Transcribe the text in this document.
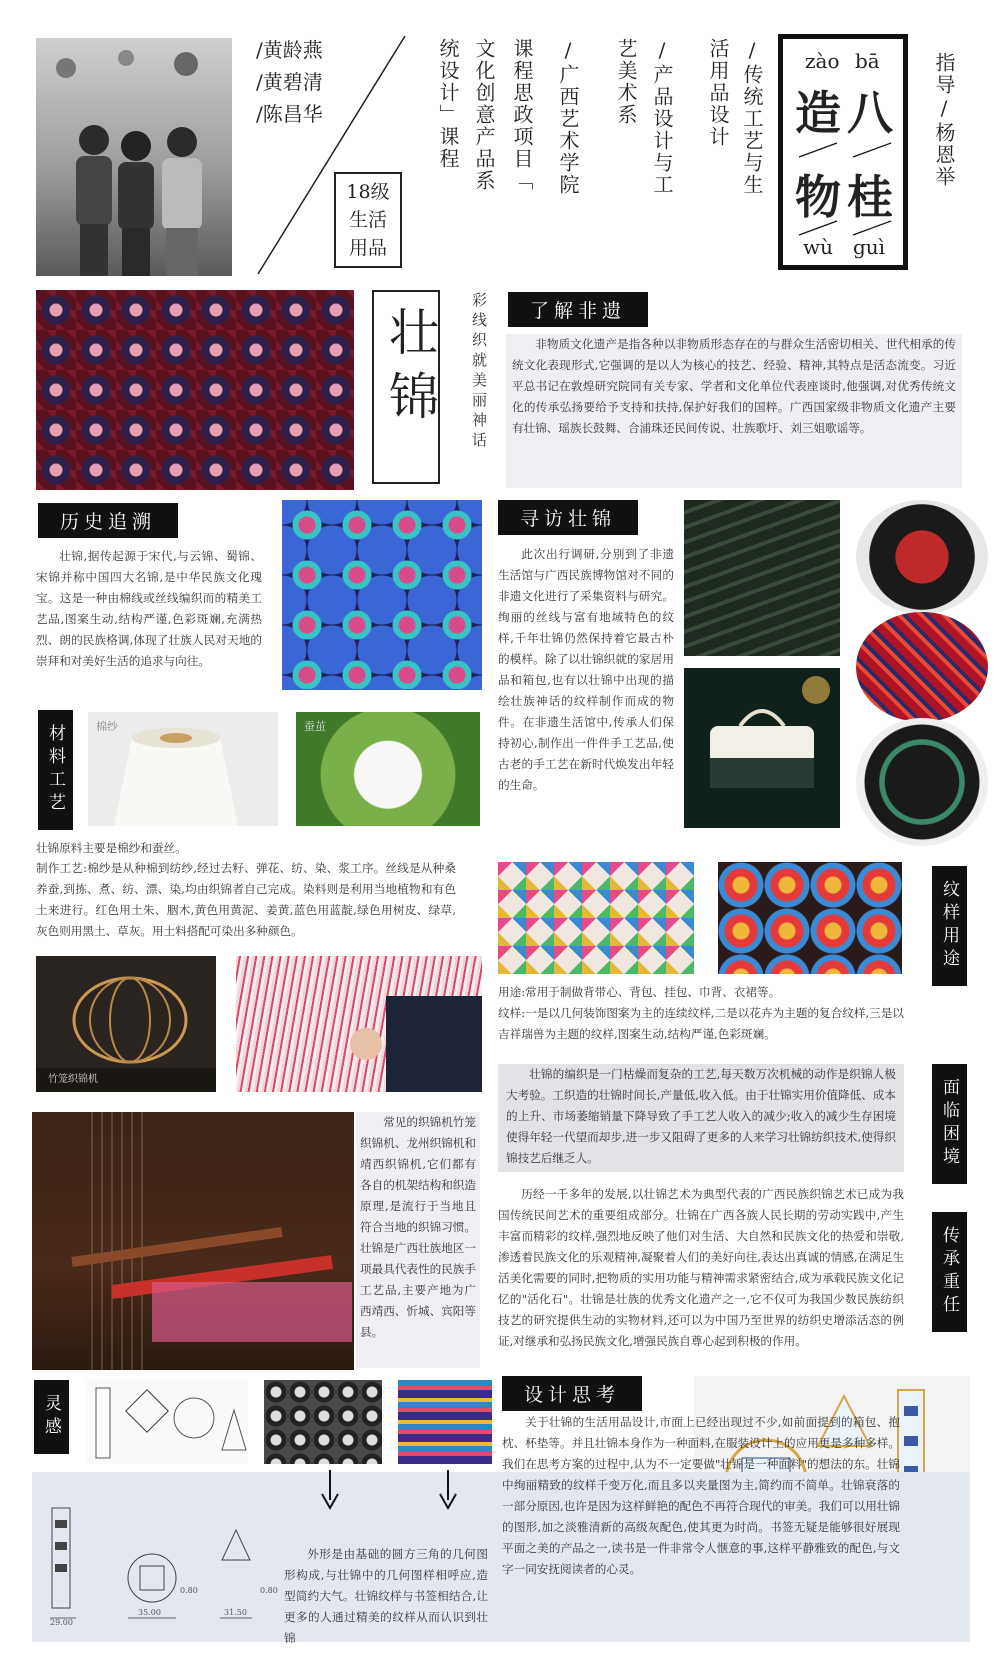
/黄龄燕
/黄碧清
/陈昌华
18级
生活
用品
统设计」课程 文化创意产品系 课程思政项目「 /广西艺术学院 艺美术系 /产品设计与工 活用品设计 /传统工艺与生 zào bā
造 八
物 桂
wù guì
指导/杨恩举
壮锦	彩线织就美丽神话	了解非遗
非物质文化遗产是指各种以非物质形态存在的与群众生活密切相关、世代相承的传统文化表现形式,它强调的是以人为核心的技艺、经验、精神,其特点是活态流变。习近平总书记在敦煌研究院同有关专家、学者和文化单位代表座谈时,他强调,对优秀传统文化的传承弘扬要给予支持和扶持,保护好我们的国粹。广西国家级非物质文化遗产主要有壮锦、瑶族长鼓舞、合浦珠还民间传说、壮族歌圩、刘三姐歌谣等。
历史追溯
壮锦,据传起源于宋代,与云锦、蜀锦、宋锦并称中国四大名锦,是中华民族文化瑰宝。这是一种由棉线或丝线编织而的精美工艺品,图案生动,结构严谨,色彩斑斓,充满热烈、朗的民族格调,体现了壮族人民对天地的崇拜和对美好生活的追求与向往。
寻访壮锦
此次出行调研,分别到了非遗生活馆与广西民族博物馆对不同的非遗文化进行了采集资料与研究。绚丽的丝线与富有地域特色的纹样,千年壮锦仍然保持着它最古朴的模样。除了以壮锦织就的家居用品和箱包,也有以壮锦中出现的描绘壮族神话的纹样制作而成的物件。在非遗生活馆中,传承人们保持初心,制作出一件件手工艺品,使古老的手工艺在新时代焕发出年轻的生命。
材料工艺	棉纱	蚕茧
壮锦原料主要是棉纱和蚕丝。
制作工艺:棉纱是从种棉到纺纱,经过去籽、弹花、纺、染、浆工序。丝线是从种桑养蚕,到拣、煮、纺、漂、染,均由织锦者自己完成。染料则是利用当地植物和有色土来进行。红色用土朱、胭木,黄色用黄泥、姜黄,蓝色用蓝靛,绿色用树皮、绿草,灰色则用黑土、草灰。用土料搭配可染出多种颜色。
竹笼织锦机
常见的织锦机竹笼织锦机、龙州织锦机和靖西织锦机,它们都有各自的机架结构和织造原理,是流行于当地且符合当地的织锦习惯。壮锦是广西壮族地区一项最具代表性的民族手工艺品,主要产地为广西靖西、忻城、宾阳等县。
纹样用途
用途:常用于制做背带心、背包、挂包、巾背、衣裙等。
纹样:一是以几何装饰图案为主的连续纹样,二是以花卉为主题的复合纹样,三是以吉祥瑞兽为主题的纹样,图案生动,结构严谨,色彩斑斓。
壮锦的编织是一门枯燥而复杂的工艺,每天数万次机械的动作是织锦人极大考验。工织造的壮锦时间长,产量低,收入低。由于壮锦实用价值降低、成本的上升、市场萎缩销量下降导致了手工艺人收入的减少;收入的减少生存困境使得年轻一代望而却步,进一步又阻碍了更多的人来学习壮锦纺织技术,使得织锦技艺后继乏人。	面临困境
历经一千多年的发展,以壮锦艺术为典型代表的广西民族织锦艺术已成为我国传统民间艺术的重要组成部分。壮锦在广西各族人民长期的劳动实践中,产生丰富而精彩的纹样,强烈地反映了他们对生活、大自然和民族文化的热爱和崇敬,渗透着民族文化的乐观精神,凝聚着人们的美好向往,表达出真诚的情感,在满足生活美化需要的同时,把物质的实用功能与精神需求紧密结合,成为承载民族文化记忆的"活化石"。壮锦是壮族的优秀文化遗产之一,它不仅可为我国少数民族纺织技艺的研究提供生动的实物材料,还可以为中国乃至世界的纺织史增添活态的例证,对继承和弘扬民族文化,增强民族自尊心起到积极的作用。
传承重任
灵感	设计思考
关于壮锦的生活用品设计,市面上已经出现过不少,如前面提到的箱包、抱枕、杯垫等。并且壮锦本身作为一种面料,在服装设计上的应用更是多种多样。我们在思考方案的过程中,认为不一定要做"壮锦是一种面料"的想法的东。壮锦中绚丽精致的纹样千变万化,而且多以夹量图为主,简约而不简单。壮锦衰落的一部分原因,也许是因为这样鲜艳的配色不再符合现代的审美。我们可以用壮锦的图形,加之淡雅清新的高级灰配色,使其更为时尚。书签无疑是能够很好展现平面之美的产品之一,读书是一件非常令人惬意的事,这样平静雅致的配色,与文字一同安抚阅读者的心灵。
29.00
35.00
0.80	0.80
31.50
外形是由基础的圆方三角的几何图形构成,与壮锦中的几何图样相呼应,造型简约大气。壮锦纹样与书签相结合,让更多的人通过精美的纹样从而认识到壮锦
